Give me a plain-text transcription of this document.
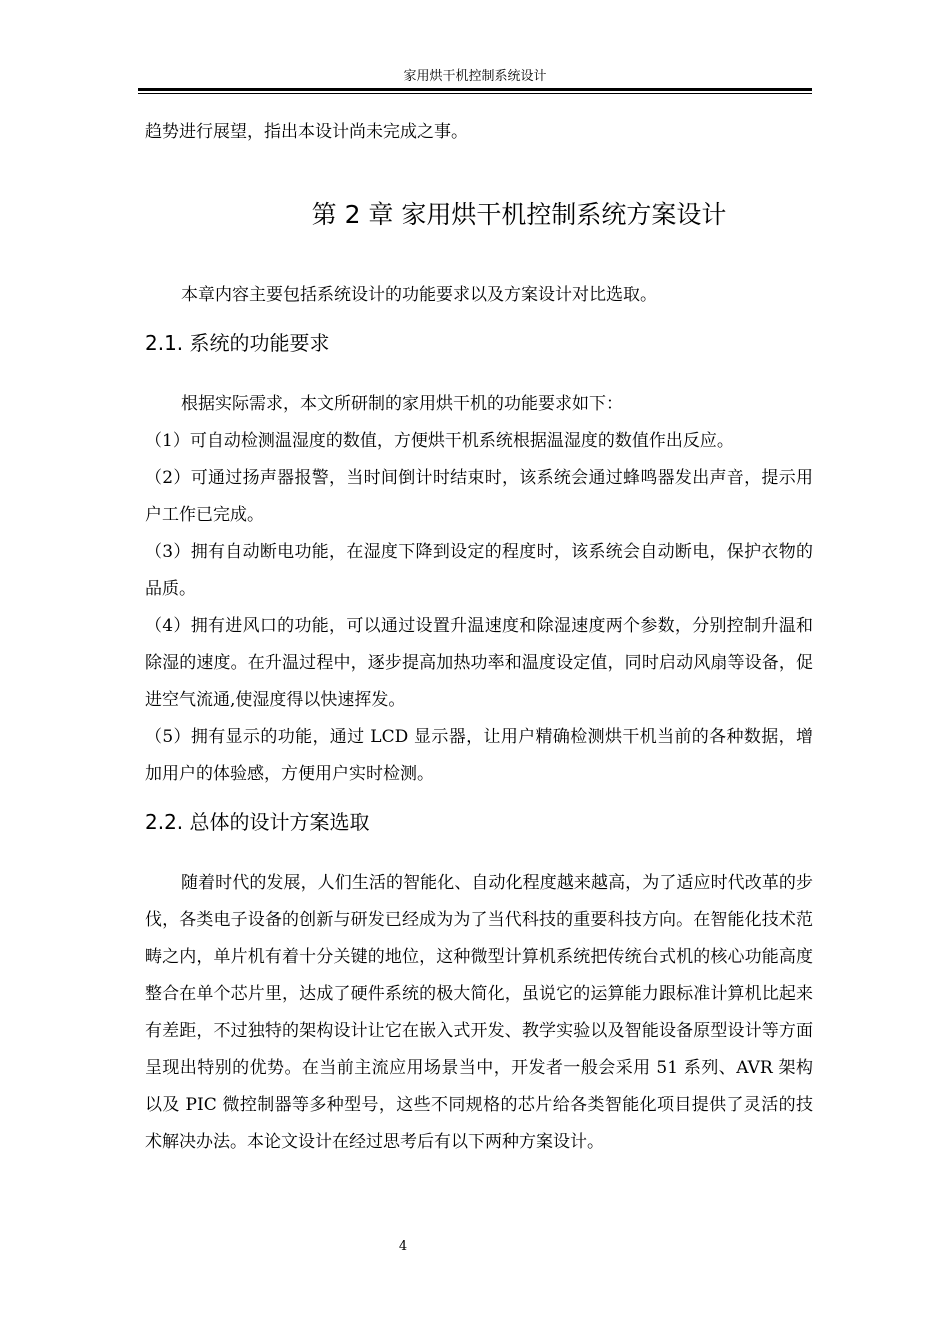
家用烘干机控制系统设计

趋势进行展望，指出本设计尚未完成之事。

第 2 章 家用烘干机控制系统方案设计

本章内容主要包括系统设计的功能要求以及方案设计对比选取。

2.1. 系统的功能要求

根据实际需求，本文所研制的家用烘干机的功能要求如下：

（1）可自动检测温湿度的数值，方便烘干机系统根据温湿度的数值作出反应。

（2）可通过扬声器报警，当时间倒计时结束时，该系统会通过蜂鸣器发出声音，提示用户工作已完成。

（3）拥有自动断电功能，在湿度下降到设定的程度时，该系统会自动断电，保护衣物的品质。

（4）拥有进风口的功能，可以通过设置升温速度和除湿速度两个参数，分别控制升温和除湿的速度。在升温过程中，逐步提高加热功率和温度设定值，同时启动风扇等设备，促进空气流通,使湿度得以快速挥发。

（5）拥有显示的功能，通过 LCD 显示器，让用户精确检测烘干机当前的各种数据，增加用户的体验感，方便用户实时检测。

2.2. 总体的设计方案选取

随着时代的发展，人们生活的智能化、自动化程度越来越高，为了适应时代改革的步伐，各类电子设备的创新与研发已经成为为了当代科技的重要科技方向。在智能化技术范畴之内，单片机有着十分关键的地位，这种微型计算机系统把传统台式机的核心功能高度整合在单个芯片里，达成了硬件系统的极大简化，虽说它的运算能力跟标准计算机比起来有差距，不过独特的架构设计让它在嵌入式开发、教学实验以及智能设备原型设计等方面呈现出特别的优势。在当前主流应用场景当中，开发者一般会采用 51 系列、AVR 架构以及 PIC 微控制器等多种型号，这些不同规格的芯片给各类智能化项目提供了灵活的技术解决办法。本论文设计在经过思考后有以下两种方案设计。

4
